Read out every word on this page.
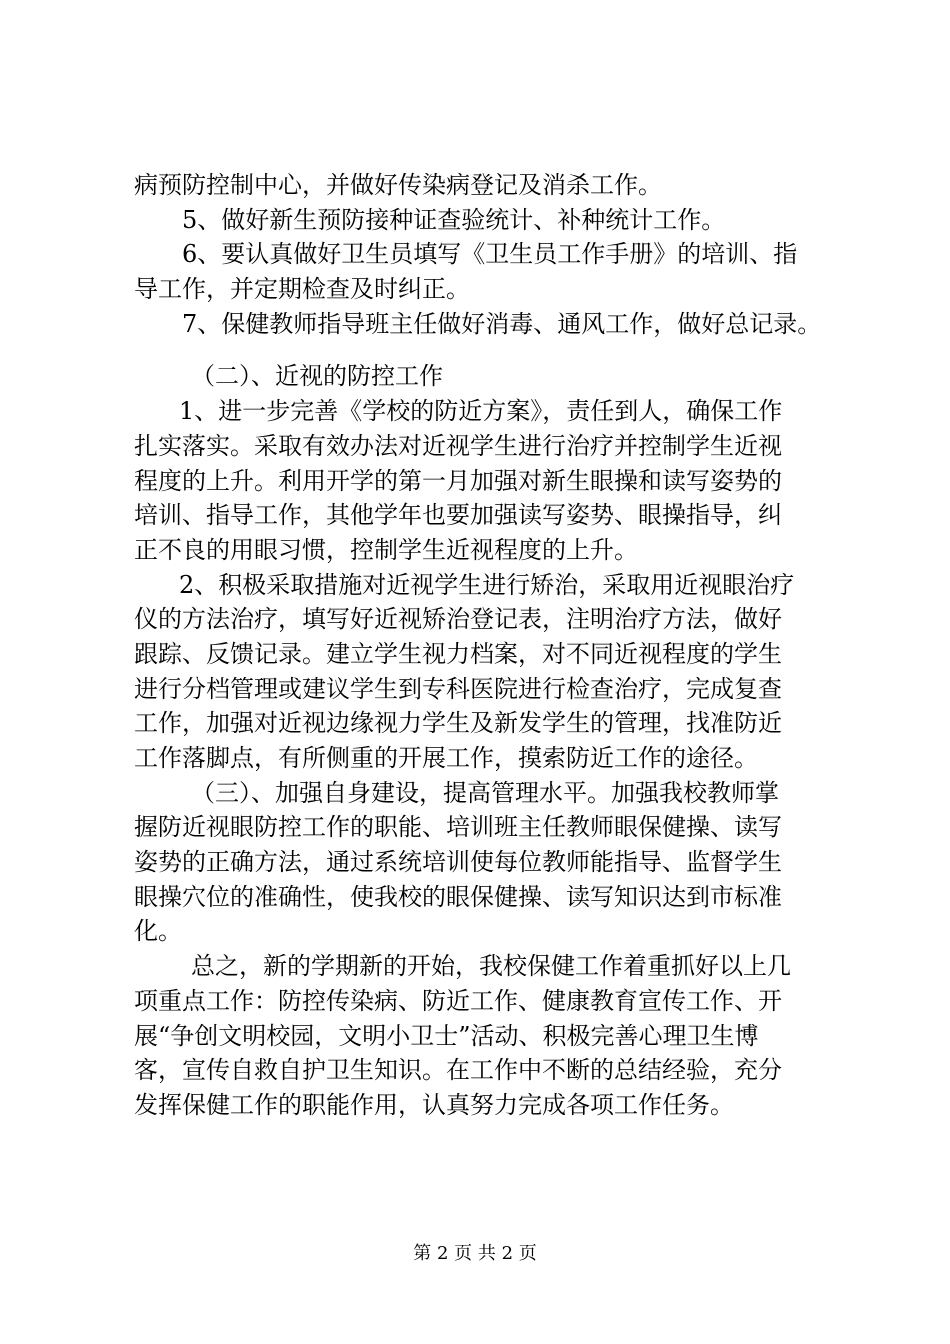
病预防控制中心，并做好传染病登记及消杀工作。
5、做好新生预防接种证查验统计、补种统计工作。
6、要认真做好卫生员填写《卫生员工作手册》的培训、指
导工作，并定期检查及时纠正。
7、保健教师指导班主任做好消毒、通风工作，做好总记录。
（二）、近视的防控工作
1、进一步完善《学校的防近方案》，责任到人，确保工作
扎实落实。采取有效办法对近视学生进行治疗并控制学生近视
程度的上升。利用开学的第一月加强对新生眼操和读写姿势的
培训、指导工作，其他学年也要加强读写姿势、眼操指导，纠
正不良的用眼习惯，控制学生近视程度的上升。
2、积极采取措施对近视学生进行矫治，采取用近视眼治疗
仪的方法治疗，填写好近视矫治登记表，注明治疗方法，做好
跟踪、反馈记录。建立学生视力档案，对不同近视程度的学生
进行分档管理或建议学生到专科医院进行检查治疗，完成复查
工作，加强对近视边缘视力学生及新发学生的管理，找准防近
工作落脚点，有所侧重的开展工作，摸索防近工作的途径。
（三）、加强自身建设，提高管理水平。加强我校教师掌
握防近视眼防控工作的职能、培训班主任教师眼保健操、读写
姿势的正确方法，通过系统培训使每位教师能指导、监督学生
眼操穴位的准确性，使我校的眼保健操、读写知识达到市标准
化。
总之，新的学期新的开始，我校保健工作着重抓好以上几
项重点工作：防控传染病、防近工作、健康教育宣传工作、开
展“争创文明校园，文明小卫士”活动、积极完善心理卫生博
客，宣传自救自护卫生知识。在工作中不断的总结经验，充分
发挥保健工作的职能作用，认真努力完成各项工作任务。
第 2 页 共 2 页
